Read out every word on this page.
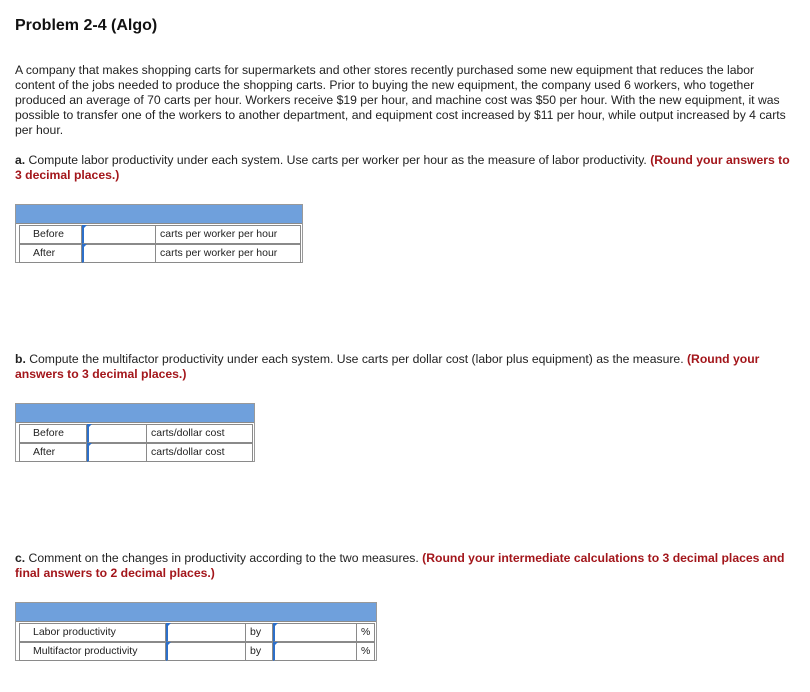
Problem 2-4 (Algo)
A company that makes shopping carts for supermarkets and other stores recently purchased some new equipment that reduces the labor content of the jobs needed to produce the shopping carts. Prior to buying the new equipment, the company used 6 workers, who together produced an average of 70 carts per hour. Workers receive $19 per hour, and machine cost was $50 per hour. With the new equipment, it was possible to transfer one of the workers to another department, and equipment cost increased by $11 per hour, while output increased by 4 carts per hour.
a. Compute labor productivity under each system. Use carts per worker per hour as the measure of labor productivity. (Round your answers to 3 decimal places.)
Before	carts per worker per hour
After	carts per worker per hour
b. Compute the multifactor productivity under each system. Use carts per dollar cost (labor plus equipment) as the measure. (Round your answers to 3 decimal places.)
Before	carts/dollar cost
After	carts/dollar cost
c. Comment on the changes in productivity according to the two measures. (Round your intermediate calculations to 3 decimal places and final answers to 2 decimal places.)
Labor productivity	by	%
Multifactor productivity	by	%
